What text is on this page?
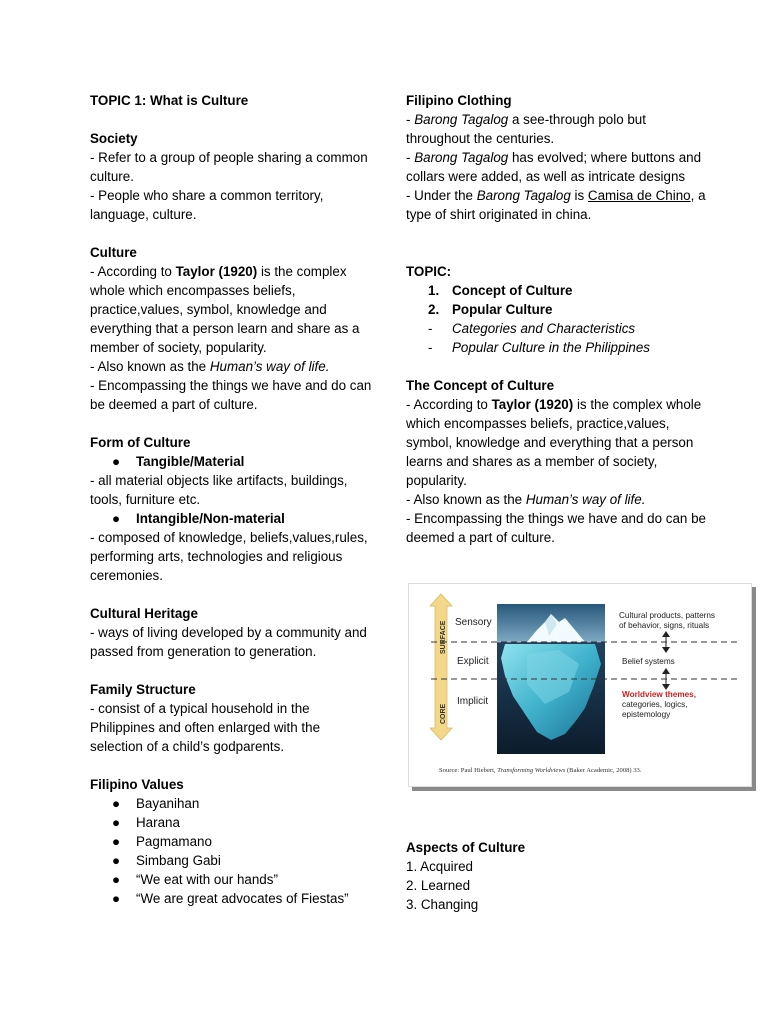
TOPIC 1: What is Culture

Society

- Refer to a group of people sharing a common culture.

- People who share a common territory, language, culture.

Culture

- According to Taylor (1920) is the complex whole which encompasses beliefs, practice,values, symbol, knowledge and everything that a person learn and share as a member of society, popularity.

- Also known as the Human’s way of life.

- Encompassing the things we have and do can be deemed a part of culture.

Form of Culture

●	Tangible/Material

- all material objects like artifacts, buildings, tools, furniture etc.

●	Intangible/Non-material

- composed of knowledge, beliefs,values,rules, performing arts, technologies and religious ceremonies.

Cultural Heritage

- ways of living developed by a community and passed from generation to generation.

Family Structure

- consist of a typical household in the Philippines and often enlarged with the selection of a child’s godparents.

Filipino Values

●	Bayanihan
●	Harana
●	Pagmamano
●	Simbang Gabi
●	“We eat with our hands”
●	“We are great advocates of Fiestas”

Filipino Clothing

- Barong Tagalog a see-through polo but throughout the centuries.

- Barong Tagalog has evolved; where buttons and collars were added, as well as intricate designs

- Under the Barong Tagalog is Camisa de Chino, a type of shirt originated in china.

TOPIC:

1. Concept of Culture
2. Popular Culture
-	Categories and Characteristics
-	Popular Culture in the Philippines

The Concept of Culture

- According to Taylor (1920) is the complex whole which encompasses beliefs, practice,values, symbol, knowledge and everything that a person learns and shares as a member of society, popularity.

- Also known as the Human’s way of life.

- Encompassing the things we have and do can be deemed a part of culture.

Aspects of Culture

1. Acquired

2. Learned

3. Changing

SURFACE
CORE
Sensory
Explicit
Implicit
Cultural products, patterns
of behavior, signs, rituals
Belief systems
Worldview themes,
categories, logics,
epistemology
Source: Paul Hiebert, Transforming Worldviews (Baker Academic, 2008) 33.
